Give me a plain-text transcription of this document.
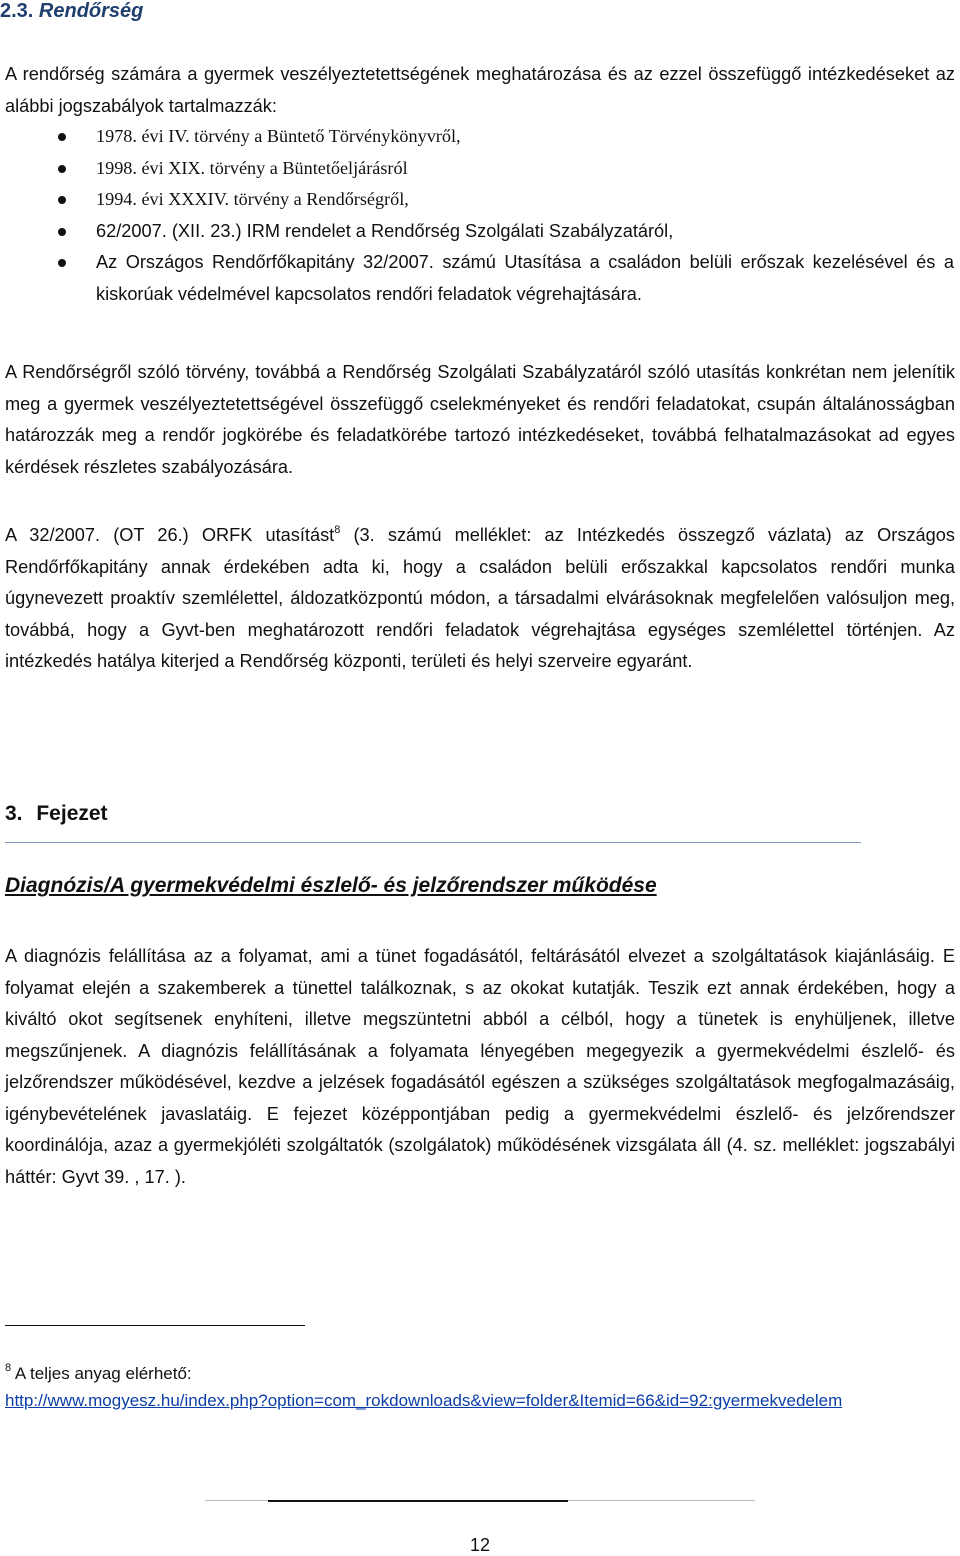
2.3. Rendőrség

A rendőrség számára a gyermek veszélyeztetettségének meghatározása és az ezzel összefüggő intézkedéseket az alábbi jogszabályok tartalmazzák:

1978. évi IV. törvény a Büntető Törvénykönyvről,
1998. évi XIX. törvény a Büntetőeljárásról
1994. évi XXXIV. törvény a Rendőrségről,
62/2007. (XII. 23.) IRM rendelet a Rendőrség Szolgálati Szabályzatáról,
Az Országos Rendőrfőkapitány 32/2007. számú Utasítása a családon belüli erőszak kezelésével és a kiskorúak védelmével kapcsolatos rendőri feladatok végrehajtására.

A Rendőrségről szóló törvény, továbbá a Rendőrség Szolgálati Szabályzatáról szóló utasítás konkrétan nem jelenítik meg a gyermek veszélyeztetettségével összefüggő cselekményeket és rendőri feladatokat, csupán általánosságban határozzák meg a rendőr jogkörébe és feladatkörébe tartozó intézkedéseket, továbbá felhatalmazásokat ad egyes kérdések részletes szabályozására.

A 32/2007. (OT 26.) ORFK utasítást$^8$ (3. számú melléklet: az Intézkedés összegző vázlata) az Országos Rendőrfőkapitány annak érdekében adta ki, hogy a családon belüli erőszakkal kapcsolatos rendőri munka úgynevezett proaktív szemlélettel, áldozatközpontú módon, a társadalmi elvárásoknak megfelelően valósuljon meg, továbbá, hogy a Gyvt-ben meghatározott rendőri feladatok végrehajtása egységes szemlélettel történjen. Az intézkedés hatálya kiterjed a Rendőrség központi, területi és helyi szerveire egyaránt.

3. Fejezet
Diagnózis/A gyermekvédelmi észlelő- és jelzőrendszer működése

A diagnózis felállítása az a folyamat, ami a tünet fogadásától, feltárásától elvezet a szolgáltatások kiajánlásáig. E folyamat elején a szakemberek a tünettel találkoznak, s az okokat kutatják. Teszik ezt annak érdekében, hogy a kiváltó okot segítsenek enyhíteni, illetve megszüntetni abból a célból, hogy a tünetek is enyhüljenek, illetve megszűnjenek. A diagnózis felállításának a folyamata lényegében megegyezik a gyermekvédelmi észlelő- és jelzőrendszer működésével, kezdve a jelzések fogadásától egészen a szükséges szolgáltatások megfogalmazásáig, igénybevételének javaslatáig. E fejezet középpontjában pedig a gyermekvédelmi észlelő- és jelzőrendszer koordinálója, azaz a gyermekjóléti szolgáltatók (szolgálatok) működésének vizsgálata áll (4. sz. melléklet: jogszabályi háttér: Gyvt 39. , 17. ).

$^8$ A teljes anyag elérhető:
http://www.mogyesz.hu/index.php?option=com_rokdownloads&view=folder&Itemid=66&id=92:gyermekvedelem

12
